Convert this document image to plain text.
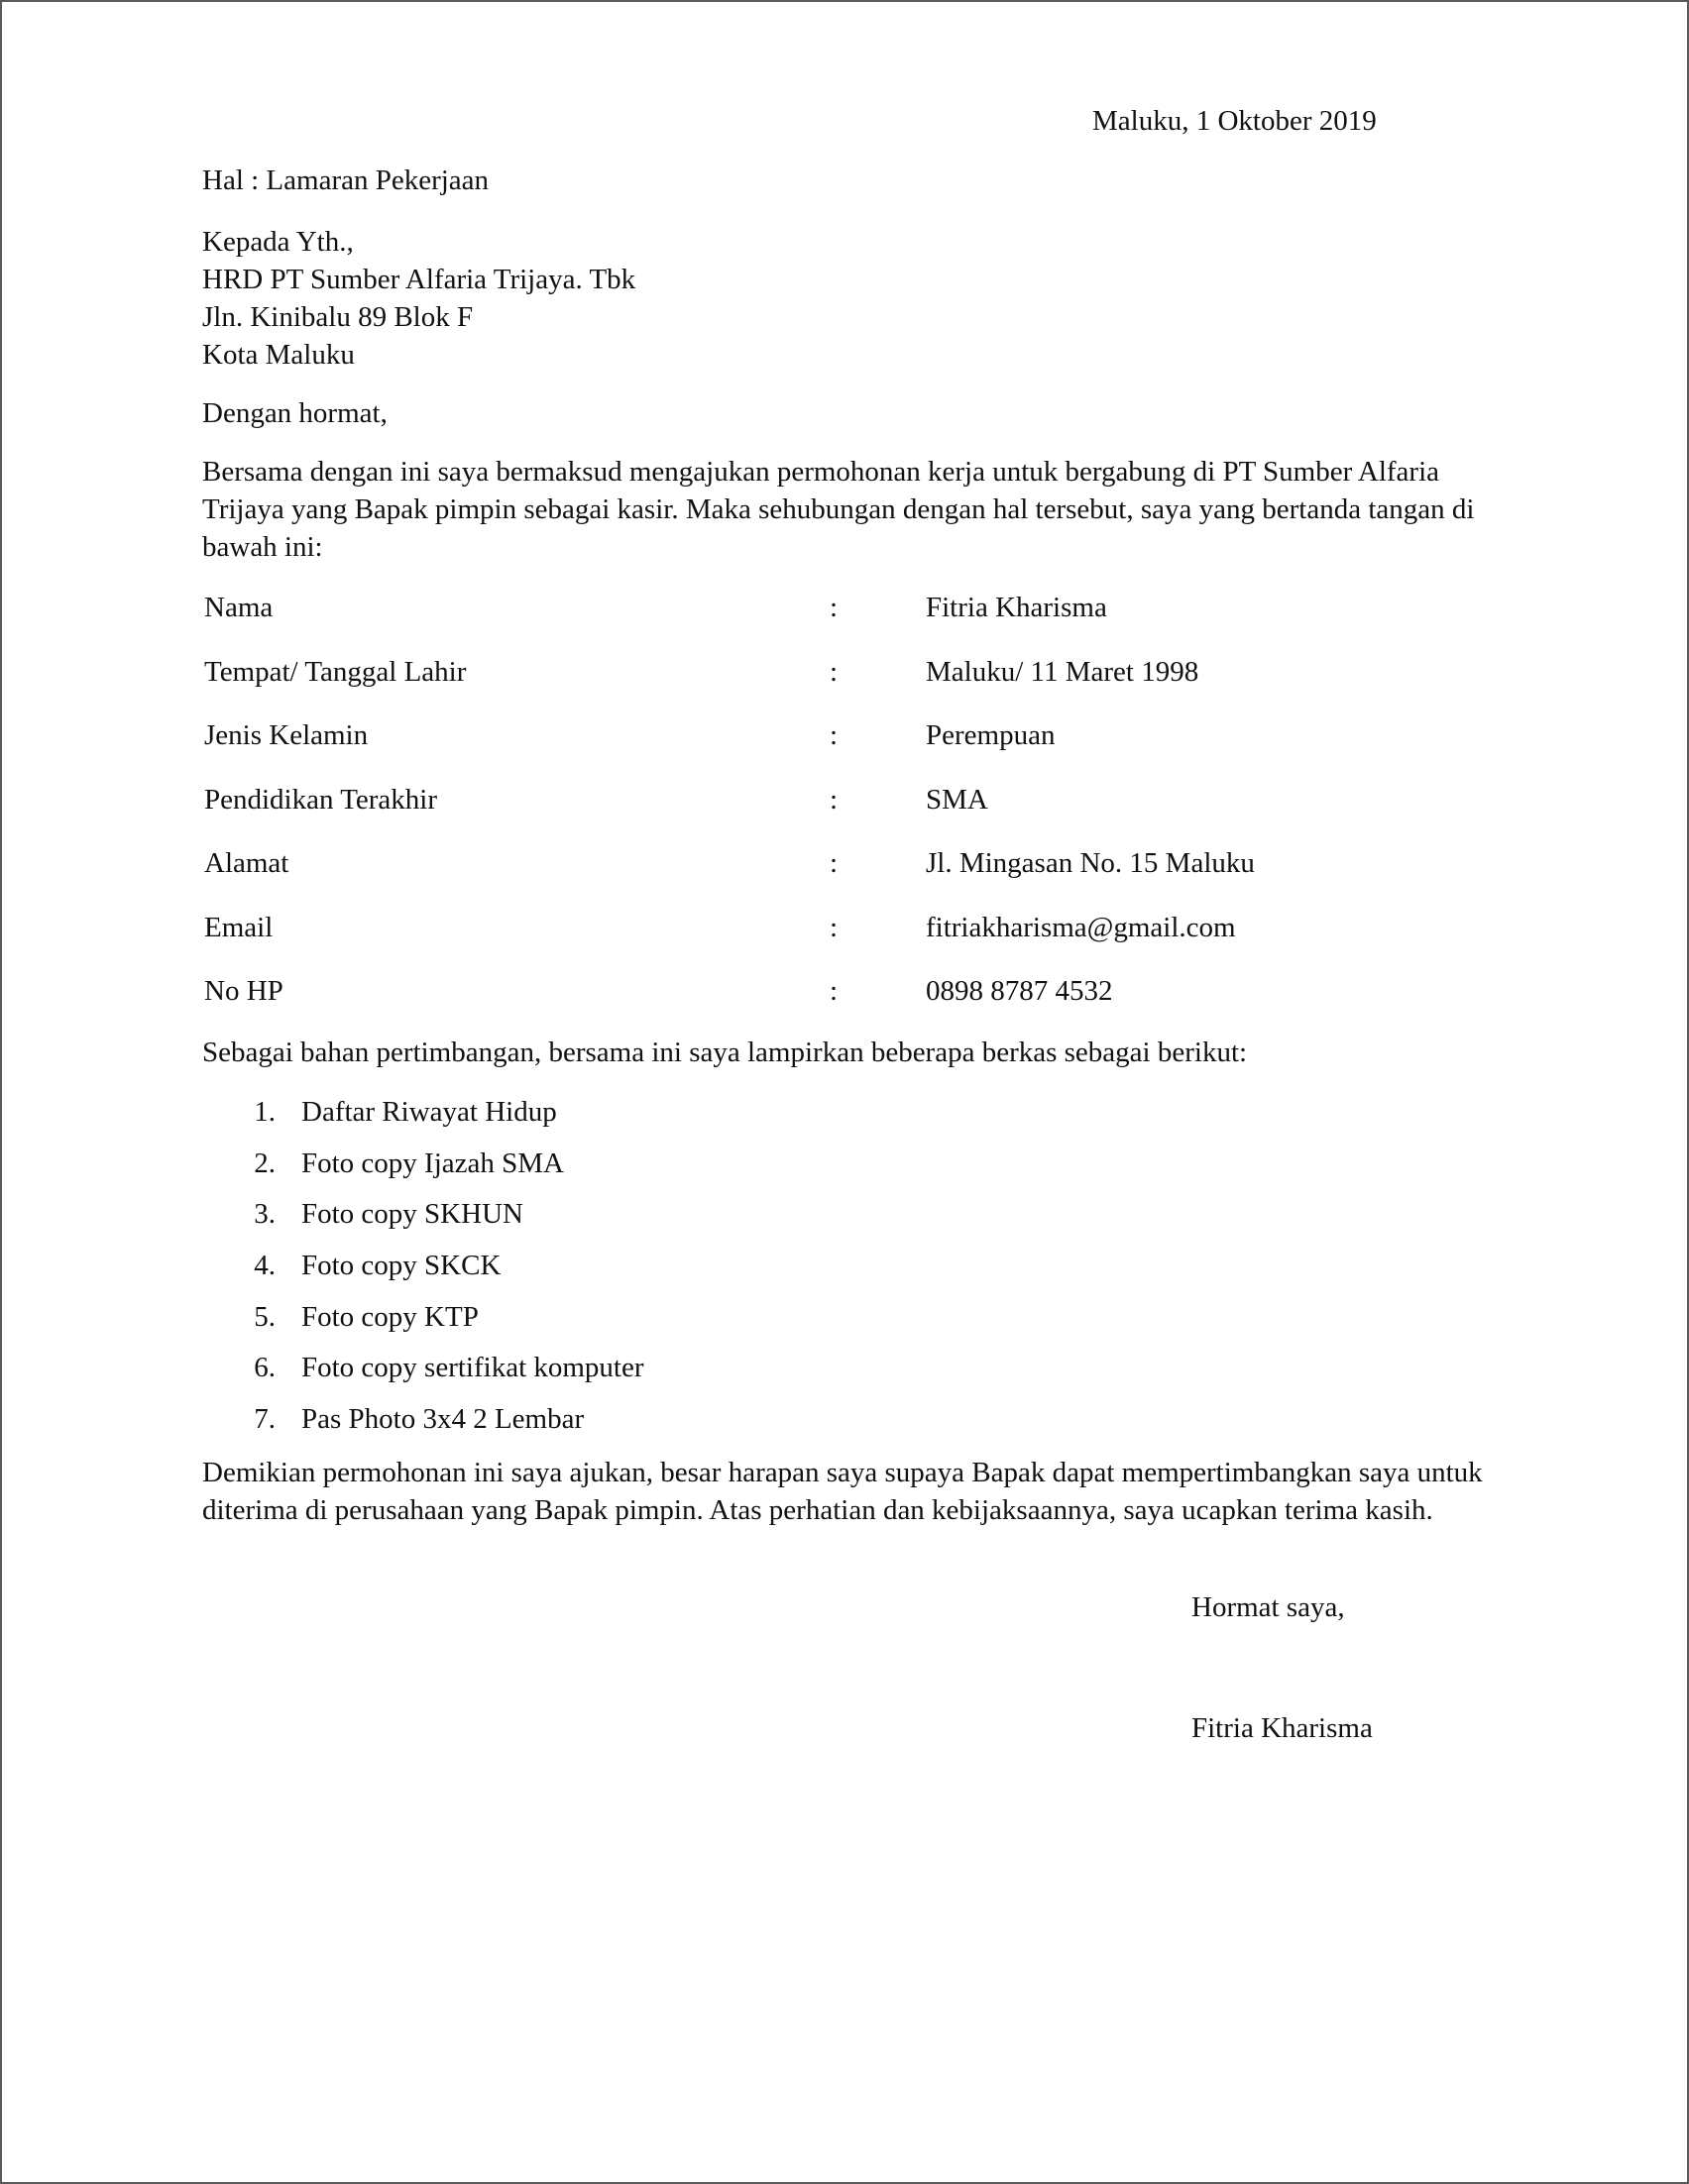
Maluku, 1 Oktober 2019
Hal : Lamaran Pekerjaan
Kepada Yth.,
HRD PT Sumber Alfaria Trijaya. Tbk
Jln. Kinibalu 89 Blok F
Kota Maluku
Dengan hormat,
Bersama dengan ini saya bermaksud mengajukan permohonan kerja untuk bergabung di PT Sumber Alfaria Trijaya yang Bapak pimpin sebagai kasir. Maka sehubungan dengan hal tersebut, saya yang bertanda tangan di bawah ini:
Nama	:	Fitria Kharisma
Tempat/ Tanggal Lahir	:	Maluku/ 11 Maret 1998
Jenis Kelamin	:	Perempuan
Pendidikan Terakhir	:	SMA
Alamat	:	Jl. Mingasan No. 15 Maluku
Email	:	fitriakharisma@gmail.com
No HP	:	0898 8787 4532
Sebagai bahan pertimbangan, bersama ini saya lampirkan beberapa berkas sebagai berikut:
1. Daftar Riwayat Hidup
2. Foto copy Ijazah SMA
3. Foto copy SKHUN
4. Foto copy SKCK
5. Foto copy KTP
6. Foto copy sertifikat komputer
7. Pas Photo 3x4 2 Lembar
Demikian permohonan ini saya ajukan, besar harapan saya supaya Bapak dapat mempertimbangkan saya untuk diterima di perusahaan yang Bapak pimpin. Atas perhatian dan kebijaksaannya, saya ucapkan terima kasih.
Hormat saya,
Fitria Kharisma
